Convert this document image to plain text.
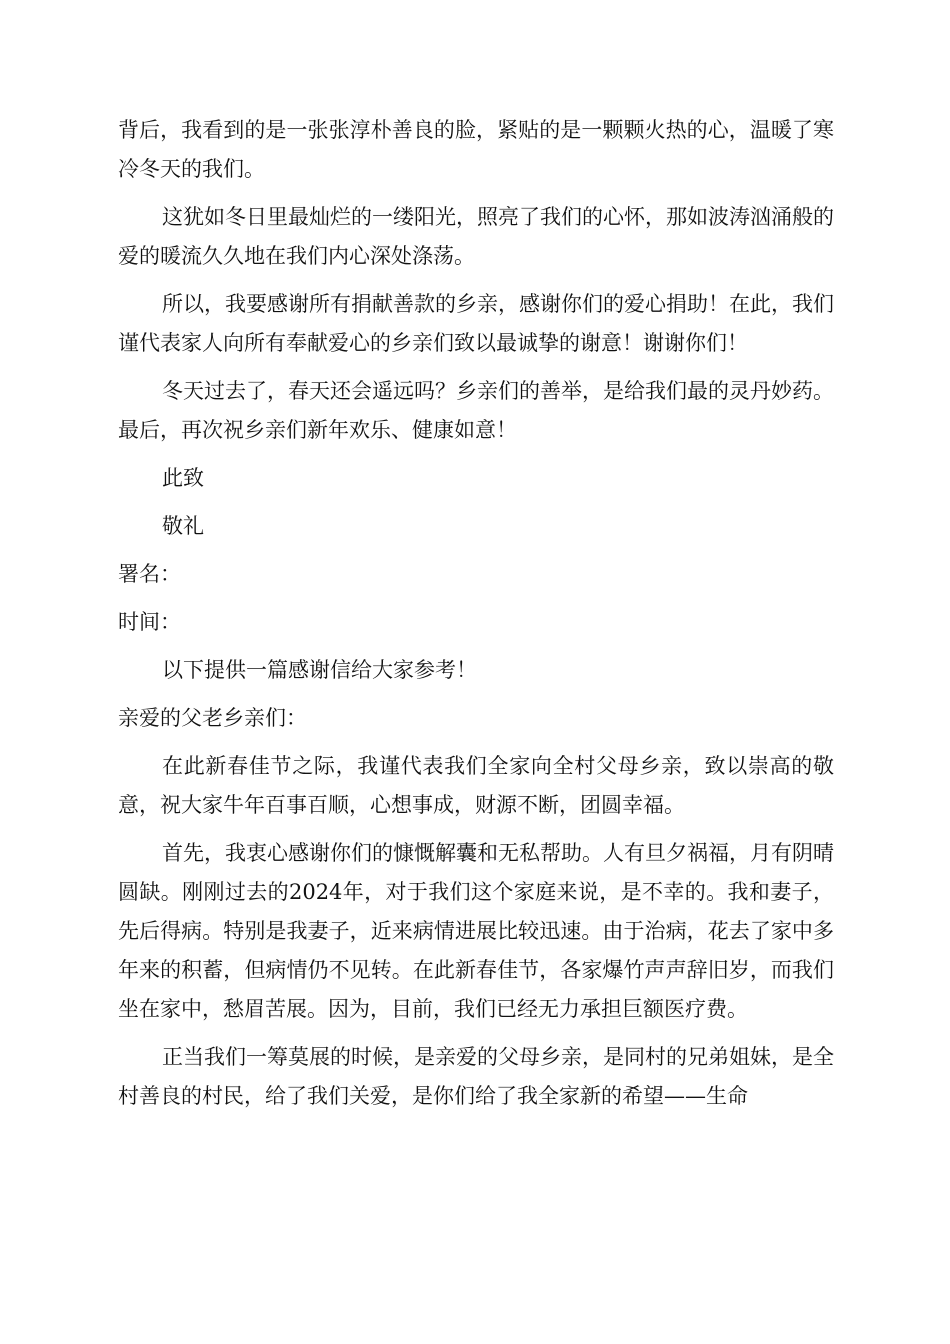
背后，我看到的是一张张淳朴善良的脸，紧贴的是一颗颗火热的心，温暖了寒冷冬天的我们。

这犹如冬日里最灿烂的一缕阳光，照亮了我们的心怀，那如波涛汹涌般的爱的暖流久久地在我们内心深处涤荡。

所以，我要感谢所有捐献善款的乡亲，感谢你们的爱心捐助！在此，我们谨代表家人向所有奉献爱心的乡亲们致以最诚挚的谢意！谢谢你们！

冬天过去了，春天还会遥远吗？乡亲们的善举，是给我们最的灵丹妙药。最后，再次祝乡亲们新年欢乐、健康如意！

此致

敬礼

署名：

时间：

以下提供一篇感谢信给大家参考！

亲爱的父老乡亲们：

在此新春佳节之际，我谨代表我们全家向全村父母乡亲，致以崇高的敬意，祝大家牛年百事百顺，心想事成，财源不断，团圆幸福。

首先，我衷心感谢你们的慷慨解囊和无私帮助。人有旦夕祸福，月有阴晴圆缺。刚刚过去的2024年，对于我们这个家庭来说，是不幸的。我和妻子，先后得病。特别是我妻子，近来病情进展比较迅速。由于治病，花去了家中多年来的积蓄，但病情仍不见转。在此新春佳节，各家爆竹声声辞旧岁，而我们坐在家中，愁眉苦展。因为，目前，我们已经无力承担巨额医疗费。

正当我们一筹莫展的时候，是亲爱的父母乡亲，是同村的兄弟姐妹，是全村善良的村民，给了我们关爱，是你们给了我全家新的希望——生命
